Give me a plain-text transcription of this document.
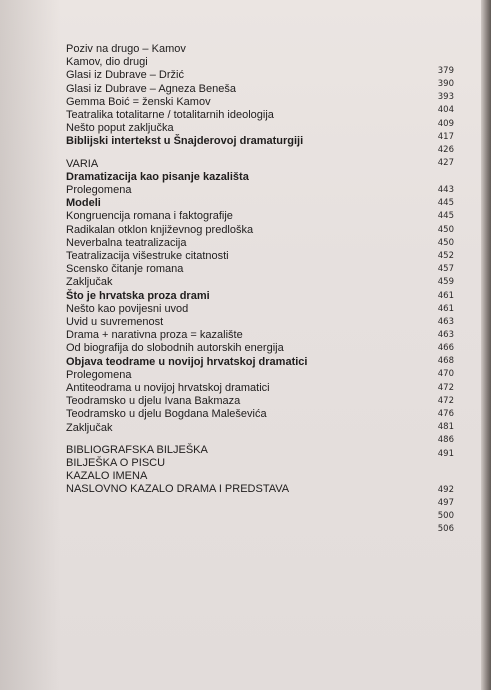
Poziv na drugo – Kamov
Kamov, dio drugi
Glasi iz Dubrave – Držić
Glasi iz Dubrave – Agneza Beneša
Gemma Boić = ženski Kamov
Teatralika totalitarne / totalitarnih ideologija
Nešto poput zaključka
Biblijski intertekst u Šnajderovoj dramaturgiji
VARIA
Dramatizacija kao pisanje kazališta
Prolegomena
Modeli
Kongruencija romana i faktografije
Radikalan otklon književnog predloška
Neverbalna teatralizacija
Teatralizacija višestruke citatnosti
Scensko čitanje romana
Zaključak
Što je hrvatska proza drami
Nešto kao povijesni uvod
Uvid u suvremenost
Drama + narativna proza = kazalište
Od biografija do slobodnih autorskih energija
Objava teodrame u novijoj hrvatskoj dramatici
Prolegomena
Antiteodrama u novijoj hrvatskoj dramatici
Teodramsko u djelu Ivana Bakmaza
Teodramsko u djelu Bogdana Maleševića
Zaključak
BIBLIOGRAFSKA BILJEŠKA
BILJEŠKA O PISCU
KAZALO IMENA
NASLOVNO KAZALO DRAMA I PREDSTAVA
379
390
393
404
409
417
426
427
443
445
445
450
450
452
457
459
461
461
463
463
466
468
470
472
472
476
481
486
491
492
497
500
506
